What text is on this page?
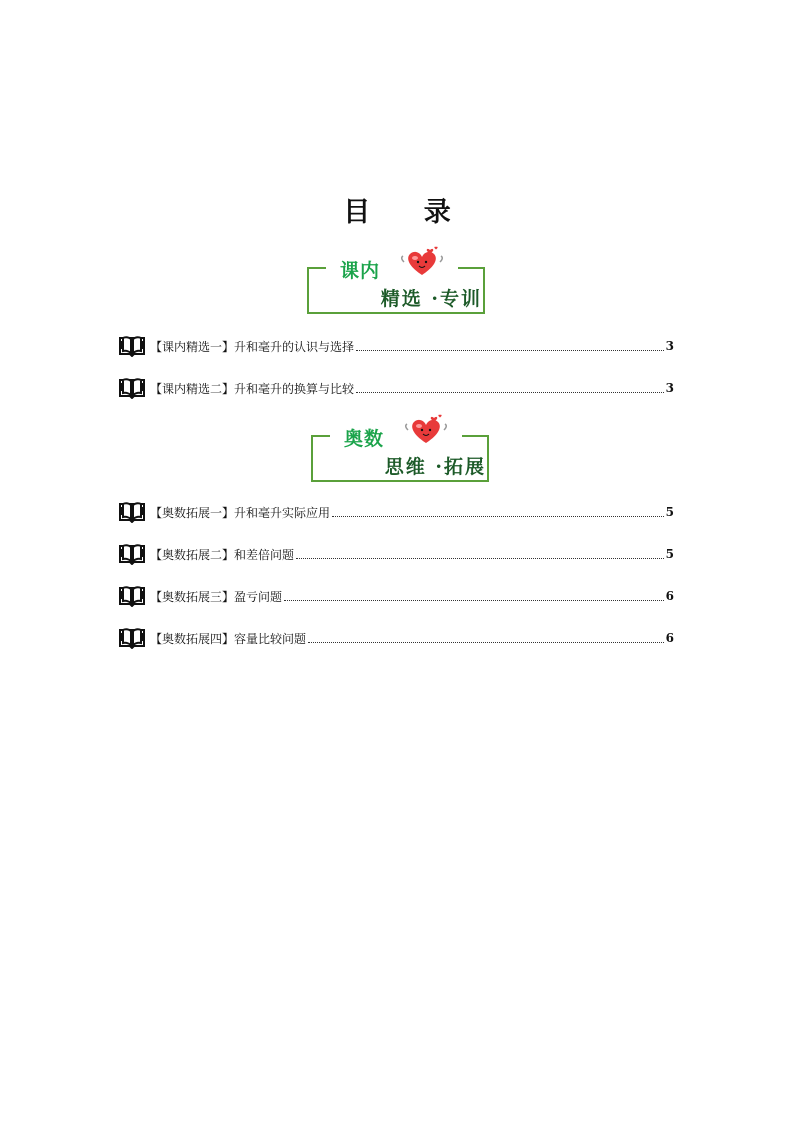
目 录
课内
精选 ·专训
【课内精选一】升和毫升的认识与选择	3
【课内精选二】升和毫升的换算与比较	3
奥数
思维 ·拓展
【奥数拓展一】升和毫升实际应用	5
【奥数拓展二】和差倍问题	5
【奥数拓展三】盈亏问题	6
【奥数拓展四】容量比较问题	6
